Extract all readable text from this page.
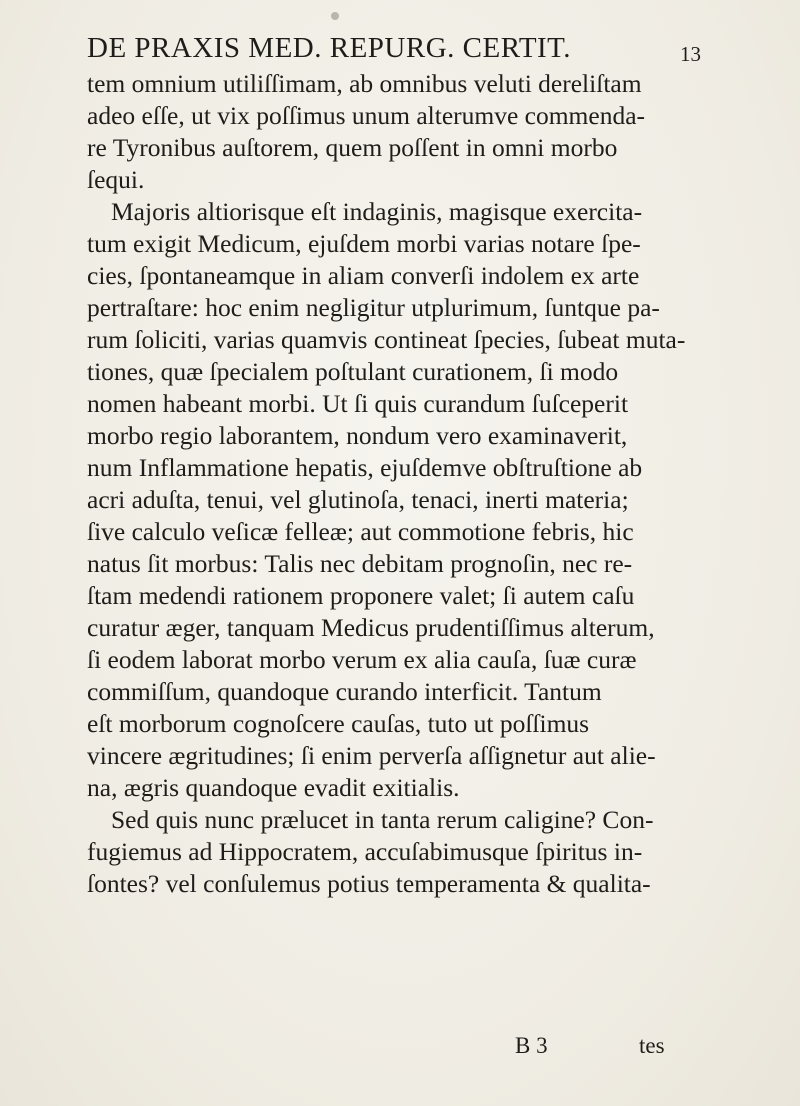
DE PRAXIS MED. REPURG. CERTIT.	13
tem omnium utiliſſimam, ab omnibus veluti dereliſtam
adeo eſſe, ut vix poſſimus unum alterumve commenda-
re Tyronibus auſtorem, quem poſſent in omni morbo
ſequi.
Majoris altiorisque eſt indaginis, magisque exercita-
tum exigit Medicum, ejuſdem morbi varias notare ſpe-
cies, ſpontaneamque in aliam converſi indolem ex arte
pertraſtare: hoc enim negligitur utplurimum, ſuntque pa-
rum ſoliciti, varias quamvis contineat ſpecies, ſubeat muta-
tiones, quæ ſpecialem poſtulant curationem, ſi modo
nomen habeant morbi. Ut ſi quis curandum ſuſceperit
morbo regio laborantem, nondum vero examinaverit,
num Inflammatione hepatis, ejuſdemve obſtruſtione ab
acri aduſta, tenui, vel glutinoſa, tenaci, inerti materia;
ſive calculo veſicæ felleæ; aut commotione febris, hic
natus ſit morbus: Talis nec debitam prognoſin, nec re-
ſtam medendi rationem proponere valet; ſi autem caſu
curatur æger, tanquam Medicus prudentiſſimus alterum,
ſi eodem laborat morbo verum ex alia cauſa, ſuæ curæ
commiſſum, quandoque curando interficit. Tantum
eſt morborum cognoſcere cauſas, tuto ut poſſimus
vincere ægritudines; ſi enim perverſa aſſignetur aut alie-
na, ægris quandoque evadit exitialis.
Sed quis nunc prælucet in tanta rerum caligine? Con-
fugiemus ad Hippocratem, accuſabimusque ſpiritus in-
ſontes? vel conſulemus potius temperamenta & qualita-
B 3	tes
